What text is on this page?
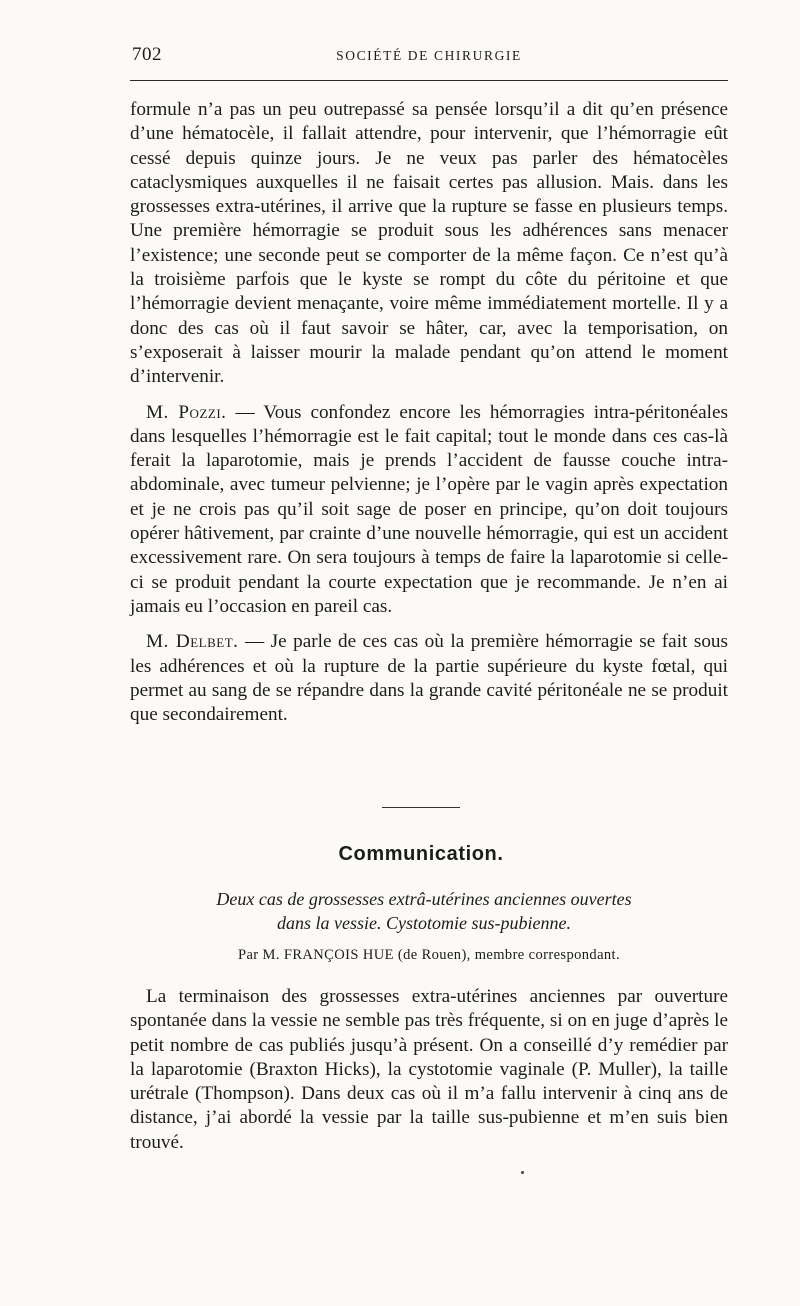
702	SOCIÉTÉ DE CHIRURGIE

formule n’a pas un peu outrepassé sa pensée lorsqu’il a dit qu’en présence d’une hématocèle, il fallait attendre, pour intervenir, que l’hémorragie eût cessé depuis quinze jours. Je ne veux pas parler des hématocèles cataclysmiques auxquelles il ne faisait certes pas allusion. Mais. dans les grossesses extra-utérines, il arrive que la rupture se fasse en plusieurs temps. Une première hémorragie se produit sous les adhérences sans menacer l’existence; une seconde peut se comporter de la même façon. Ce n’est qu’à la troisième parfois que le kyste se rompt du côte du péritoine et que l’hémorragie devient menaçante, voire même immédiatement mortelle. Il y a donc des cas où il faut savoir se hâter, car, avec la temporisation, on s’exposerait à laisser mourir la malade pendant qu’on attend le moment d’intervenir.

M. Pozzi. — Vous confondez encore les hémorragies intra-péritonéales dans lesquelles l’hémorragie est le fait capital; tout le monde dans ces cas-là ferait la laparotomie, mais je prends l’accident de fausse couche intra-abdominale, avec tumeur pelvienne; je l’opère par le vagin après expectation et je ne crois pas qu’il soit sage de poser en principe, qu’on doit toujours opérer hâtivement, par crainte d’une nouvelle hémorragie, qui est un accident excessivement rare. On sera toujours à temps de faire la laparotomie si celle-ci se produit pendant la courte expectation que je recommande. Je n’en ai jamais eu l’occasion en pareil cas.

M. Delbet. — Je parle de ces cas où la première hémorragie se fait sous les adhérences et où la rupture de la partie supérieure du kyste fœtal, qui permet au sang de se répandre dans la grande cavité péritonéale ne se produit que secondairement.

Communication.
Deux cas de grossesses extrâ-utérines anciennes ouvertes
dans la vessie. Cystotomie sus-pubienne.
Par M. FRANÇOIS HUE (de Rouen), membre correspondant.

La terminaison des grossesses extra-utérines anciennes par ouverture spontanée dans la vessie ne semble pas très fréquente, si on en juge d’après le petit nombre de cas publiés jusqu’à présent. On a conseillé d’y remédier par la laparotomie (Braxton Hicks), la cystotomie vaginale (P. Muller), la taille urétrale (Thompson). Dans deux cas où il m’a fallu intervenir à cinq ans de distance, j’ai abordé la vessie par la taille sus-pubienne et m’en suis bien trouvé.
